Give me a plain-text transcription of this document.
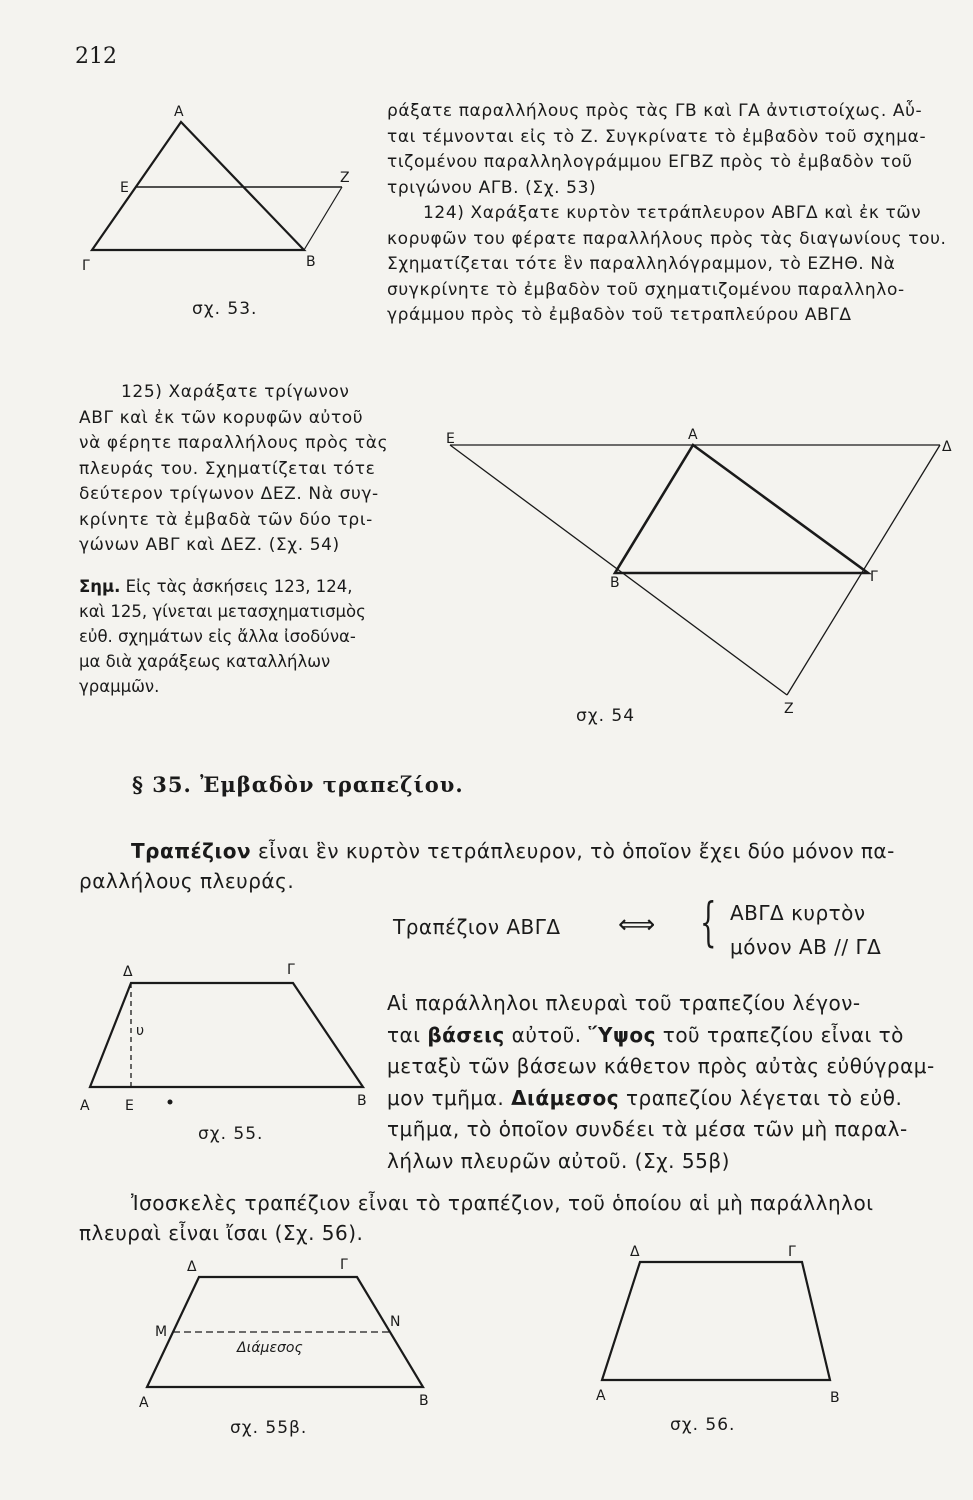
212
A
E
Z
Γ	B
σχ. 53.

ράξατε παραλλήλους πρὸς τὰς ΓΒ καὶ ΓΑ ἀντιστοίχως. Αὗ-

ται τέμνονται εἰς τὸ Ζ. Συγκρίνατε τὸ ἐμβαδὸν τοῦ σχημα-

τιζομένου παραλληλογράμμου ΕΓΒΖ πρὸς τὸ ἐμβαδὸν τοῦ

τριγώνου ΑΓΒ. (Σχ. 53)

124) Χαράξατε κυρτὸν τετράπλευρον ΑΒΓΔ καὶ ἐκ τῶν

κορυφῶν του φέρατε παραλλήλους πρὸς τὰς διαγωνίους του.

Σχηματίζεται τότε ἓν παραλληλόγραμμον, τὸ ΕΖΗΘ. Νὰ

συγκρίνητε τὸ ἐμβαδὸν τοῦ σχηματιζομένου παραλληλο-

γράμμου πρὸς τὸ ἐμβαδὸν τοῦ τετραπλεύρου ΑΒΓΔ

125) Χαράξατε τρίγωνον

ΑΒΓ καὶ ἐκ τῶν κορυφῶν αὐτοῦ

νὰ φέρητε παραλλήλους πρὸς τὰς

πλευράς του. Σχηματίζεται τότε

δεύτερον τρίγωνον ΔΕΖ. Νὰ συγ-

κρίνητε τὰ ἐμβαδὰ τῶν δύο τρι-

γώνων ΑΒΓ καὶ ΔΕΖ. (Σχ. 54)

Σημ. Εἰς τὰς ἀσκήσεις 123, 124,

καὶ 125, γίνεται μετασχηματισμὸς

εὐθ. σχημάτων εἰς ἄλλα ἰσοδύνα-

μα διὰ χαράξεως καταλλήλων

γραμμῶν.

E	A
Δ
B	Γ
Z
σχ. 54
§ 35. Ἐμβαδὸν τραπεζίου.

Τραπέζιον εἶναι ἓν κυρτὸν τετράπλευρον, τὸ ὁποῖον ἔχει δύο μόνον πα-

ραλλήλους πλευράς.

Τραπέζιον ΑΒΓΔ ⟺ { ΑΒΓΔ κυρτὸν
μόνον ΑΒ // ΓΔ
Δ	Γ
υ
A	E	B
σχ. 55.

Αἱ παράλληλοι πλευραὶ τοῦ τραπεζίου λέγον-

ται βάσεις αὐτοῦ. Ὕψος τοῦ τραπεζίου εἶναι τὸ

μεταξὺ τῶν βάσεων κάθετον πρὸς αὐτὰς εὐθύγραμ-

μον τμῆμα. Διάμεσος τραπεζίου λέγεται τὸ εὐθ.

τμῆμα, τὸ ὁποῖον συνδέει τὰ μέσα τῶν μὴ παραλ-

λήλων πλευρῶν αὐτοῦ. (Σχ. 55β)

Ἰσοσκελὲς τραπέζιον εἶναι τὸ τραπέζιον, τοῦ ὁποίου αἱ μὴ παράλληλοι

πλευραὶ εἶναι ἴσαι (Σχ. 56).

Δ	Γ
M
N
Διάμεσος
A	B
σχ. 55β.
Δ	Γ
A	B
σχ. 56.
